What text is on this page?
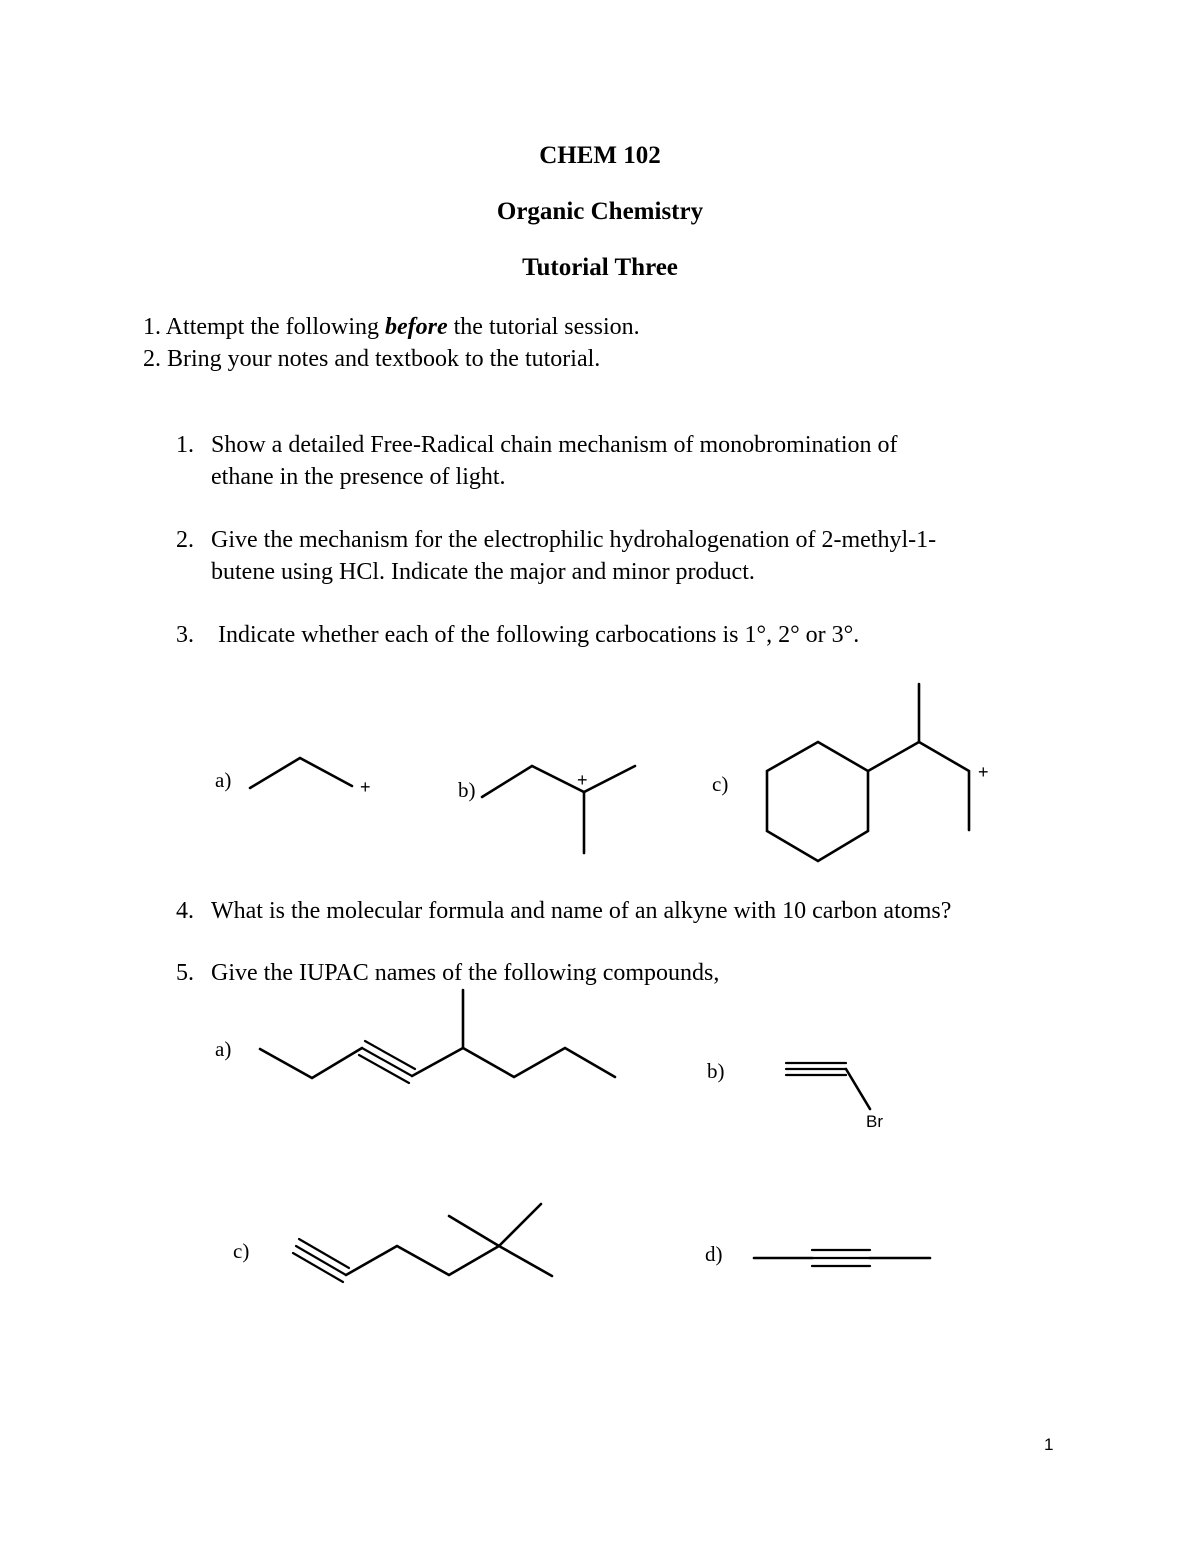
CHEM 102
Organic Chemistry
Tutorial Three
1. Attempt the following before the tutorial session.
2. Bring your notes and textbook to the tutorial.
1. Show a detailed Free-Radical chain mechanism of monobromination of
ethane in the presence of light.
2. Give the mechanism for the electrophilic hydrohalogenation of 2-methyl-1-
butene using HCl. Indicate the major and minor product.
3. Indicate whether each of the following carbocations is 1°, 2° or 3°.
a)	+	b)	+	c)	+
4. What is the molecular formula and name of an alkyne with 10 carbon atoms?
5. Give the IUPAC names of the following compounds,
a)
b)
Br
c)	d)
1
